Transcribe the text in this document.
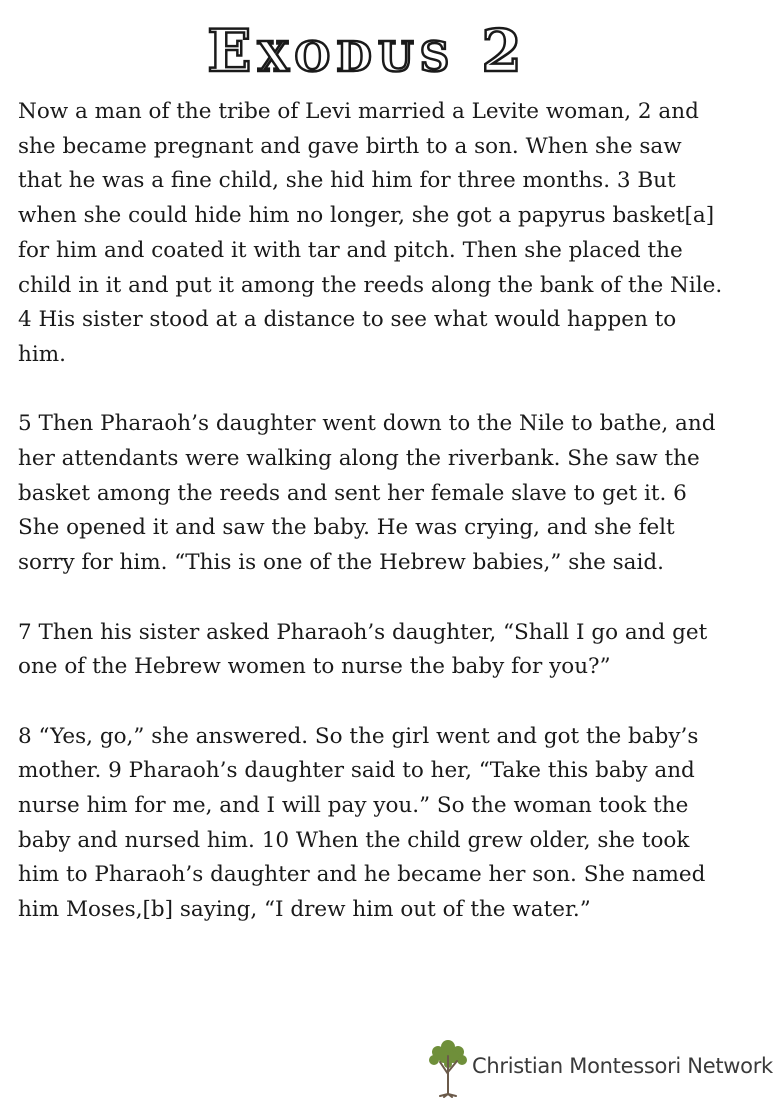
Exodus 2

Now a man of the tribe of Levi married a Levite woman, 2 and she became pregnant and gave birth to a son. When she saw that he was a fine child, she hid him for three months. 3 But when she could hide him no longer, she got a papyrus basket[a] for him and coated it with tar and pitch. Then she placed the child in it and put it among the reeds along the bank of the Nile. 4 His sister stood at a distance to see what would happen to him.

5 Then Pharaoh’s daughter went down to the Nile to bathe, and her attendants were walking along the riverbank. She saw the basket among the reeds and sent her female slave to get it. 6 She opened it and saw the baby. He was crying, and she felt sorry for him. “This is one of the Hebrew babies,” she said.

7 Then his sister asked Pharaoh’s daughter, “Shall I go and get one of the Hebrew women to nurse the baby for you?”

8 “Yes, go,” she answered. So the girl went and got the baby’s mother. 9 Pharaoh’s daughter said to her, “Take this baby and nurse him for me, and I will pay you.” So the woman took the baby and nursed him. 10 When the child grew older, she took him to Pharaoh’s daughter and he became her son. She named him Moses,[b] saying, “I drew him out of the water.”

Christian Montessori Network
